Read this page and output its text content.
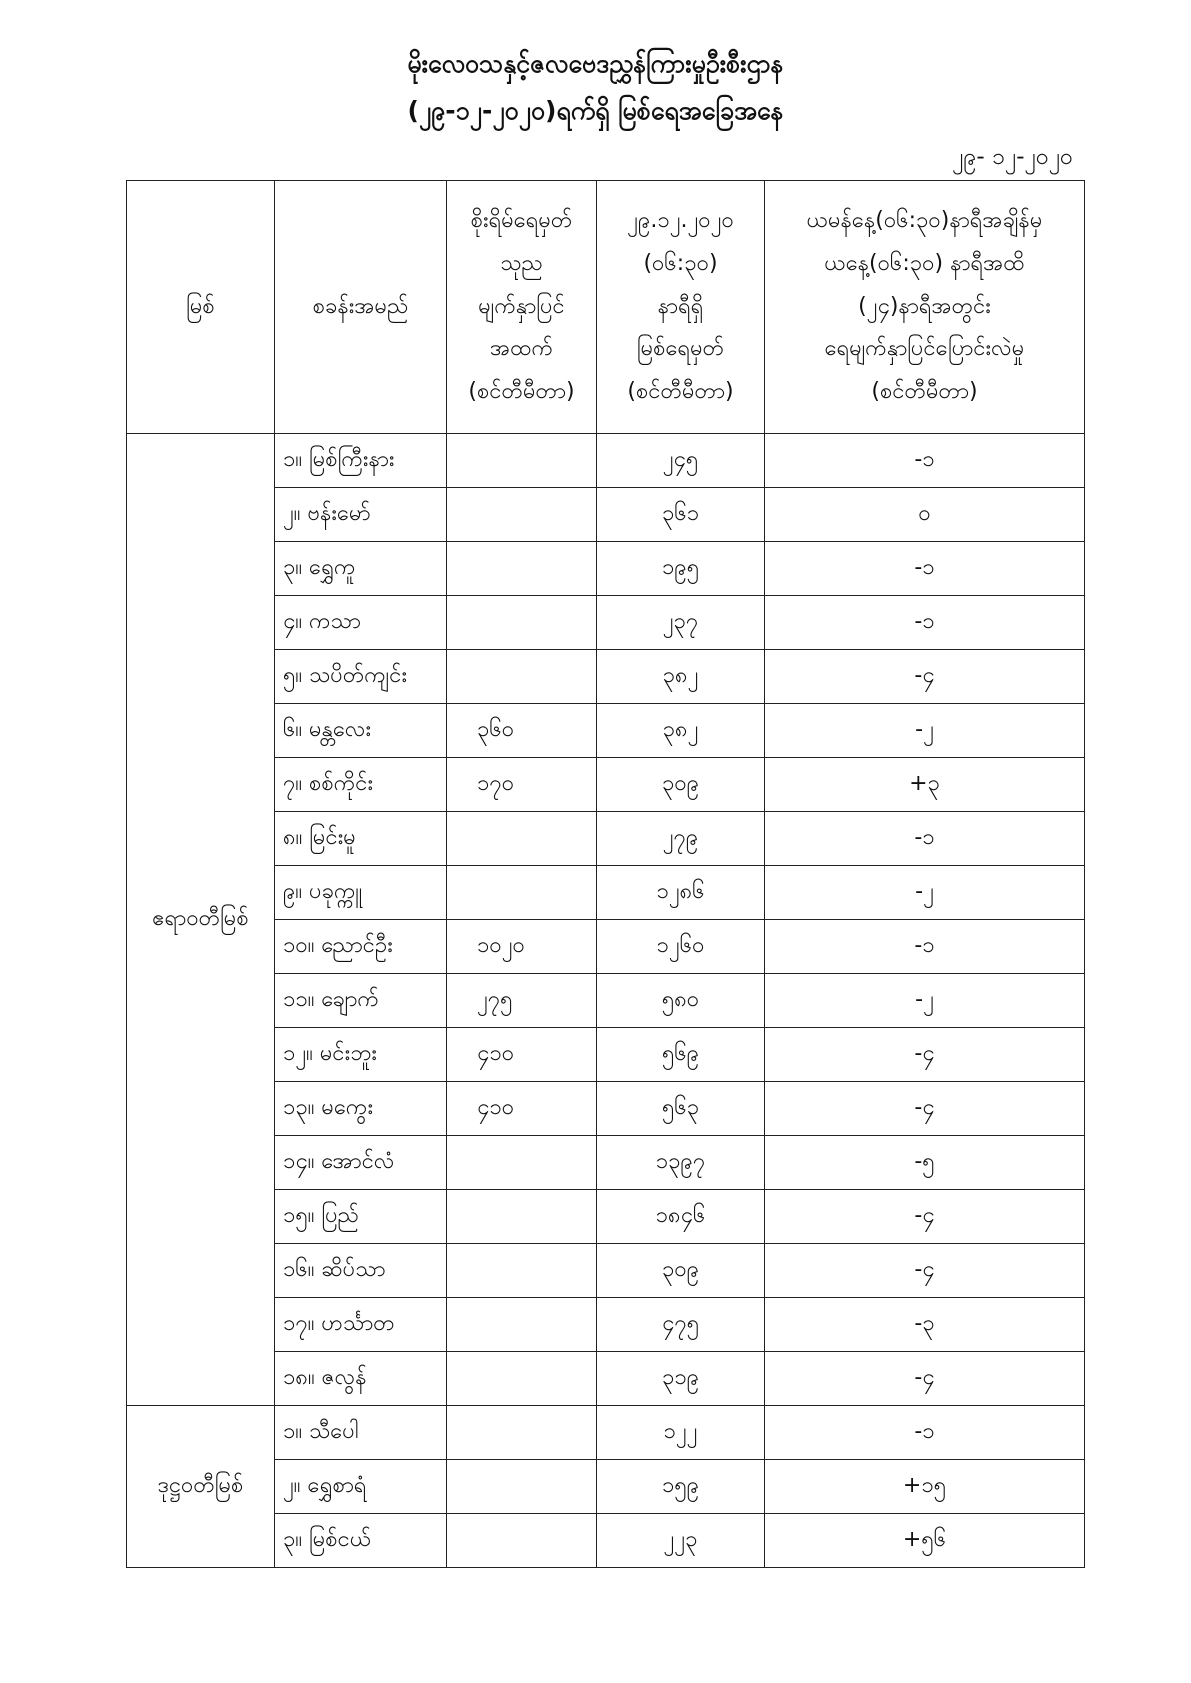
မိုးလေဝသနှင့်ဇလဗေဒညွှန်ကြားမှုဦးစီးဌာန
(၂၉-၁၂-၂၀၂၀)ရက်ရှိ မြစ်ရေအခြေအနေ
၂၉- ၁၂-၂၀၂၀
မြစ်	စခန်းအမည်	စိုးရိမ်ရေမှတ်
သုည
မျက်နှာပြင်
အထက်
(စင်တီမီတာ)	၂၉.၁၂.၂၀၂၀
(၀၆:၃၀)
နာရီရှိ
မြစ်ရေမှတ်
(စင်တီမီတာ)	ယမန်နေ့(၀၆:၃၀)နာရီအချိန်မှ
ယနေ့(၀၆:၃၀) နာရီအထိ
(၂၄)နာရီအတွင်း
ရေမျက်နှာပြင်ပြောင်းလဲမှု
(စင်တီမီတာ)

ဧရာဝတီမြစ်	၁။ မြစ်ကြီးနား		၂၄၅	-၁
	၂။ ဗန်းမော်		၃၆၁	၀
	၃။ ရွှေကူ		၁၉၅	-၁
	၄။ ကသာ		၂၃၇	-၁
	၅။ သပိတ်ကျင်း		၃၈၂	-၄
	၆။ မန္တလေး	၃၆၀	၃၈၂	-၂
	၇။ စစ်ကိုင်း	၁၇၀	၃၀၉	+၃
	၈။ မြင်းမူ		၂၇၉	-၁
	၉။ ပခုက္ကူ		၁၂၈၆	-၂
	၁၀။ ညောင်ဦး	၁၀၂၀	၁၂၆၀	-၁
	၁၁။ ချောက်	၂၇၅	၅၈၀	-၂
	၁၂။ မင်းဘူး	၄၁၀	၅၆၉	-၄
	၁၃။ မကွေး	၄၁၀	၅၆၃	-၄
	၁၄။ အောင်လံ		၁၃၉၇	-၅
	၁၅။ ပြည်		၁၈၄၆	-၄
	၁၆။ ဆိပ်သာ		၃၀၉	-၄
	၁၇။ ဟင်္သာတ		၄၇၅	-၃
	၁၈။ ဇလွန်		၃၁၉	-၄
ဒုဋ္ဌဝတီမြစ်	၁။ သီပေါ		၁၂၂	-၁
	၂။ ရွှေစာရံ		၁၅၉	+၁၅
	၃။ မြစ်ငယ်		၂၂၃	+၅၆
